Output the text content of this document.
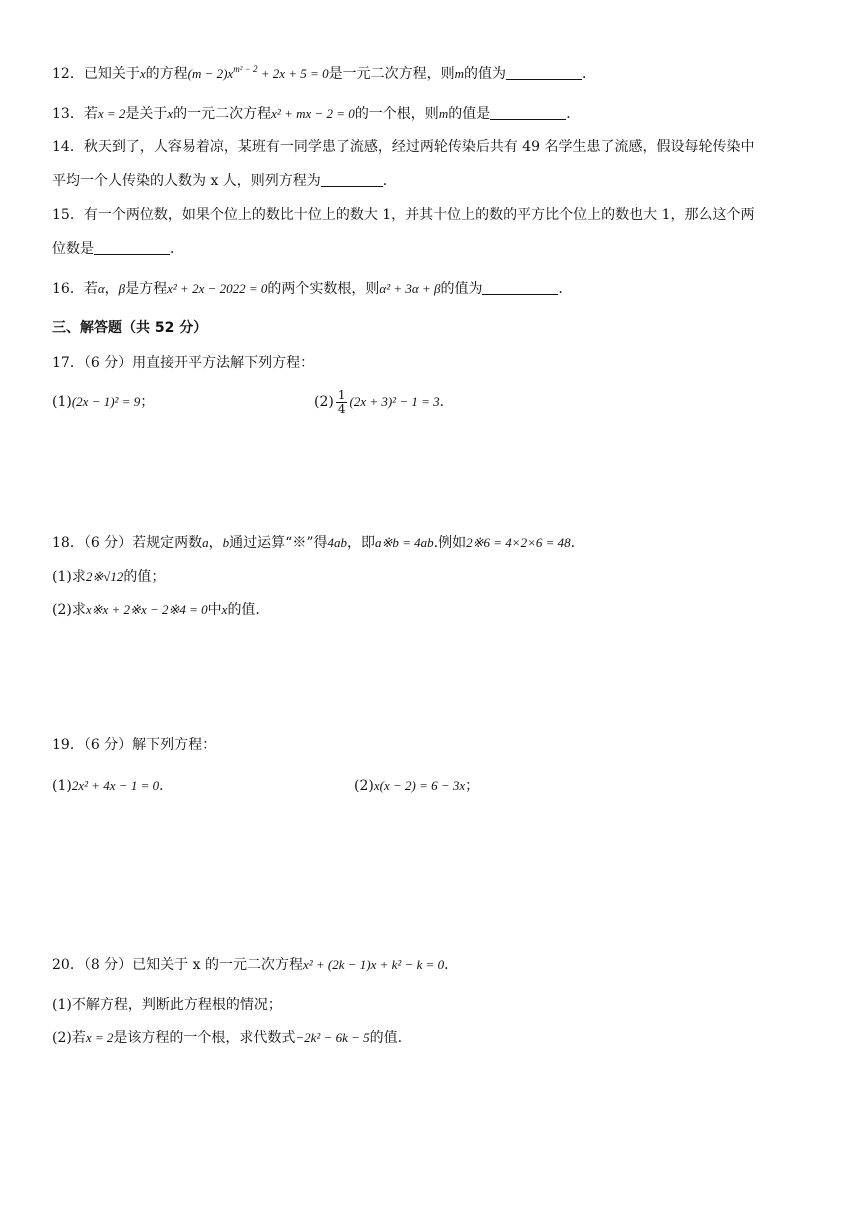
12．已知关于x的方程$(m - 2)x^{m^2 - 2} + 2x + 5 = 0$是一元二次方程，则m的值为	．
13．若x = 2是关于x的一元二次方程x² + mx − 2 = 0的一个根，则m的值是	．
14．秋天到了，人容易着凉，某班有一同学患了流感，经过两轮传染后共有 49 名学生患了流感，假设每轮传染中
平均一个人传染的人数为 x 人，则列方程为	．
15．有一个两位数，如果个位上的数比十位上的数大 1，并其十位上的数的平方比个位上的数也大 1，那么这个两
位数是	．
16．若α，β是方程x² + 2x − 2022 = 0的两个实数根，则α² + 3α + β的值为	．
三、解答题（共 52 分）
17．（6 分）用直接开平方法解下列方程：
(1)(2x − 1)² = 9；	$(2) \frac{1}{4} (2x + 3)^2 - 1 = 3$．
18．（6 分）若规定两数a，b通过运算“※”得4ab，即a※b = 4ab.例如2※6 = 4×2×6 = 48．
(1)求2※√12的值；
(2)求x※x + 2※x − 2※4 = 0中x的值.
19．（6 分）解下列方程：
(1)2x² + 4x − 1 = 0．	(2)x(x − 2) = 6 − 3x；
20．（8 分）已知关于 x 的一元二次方程x² + (2k − 1)x + k² − k = 0．
(1)不解方程，判断此方程根的情况；
(2)若x = 2是该方程的一个根，求代数式−2k² − 6k − 5的值.
